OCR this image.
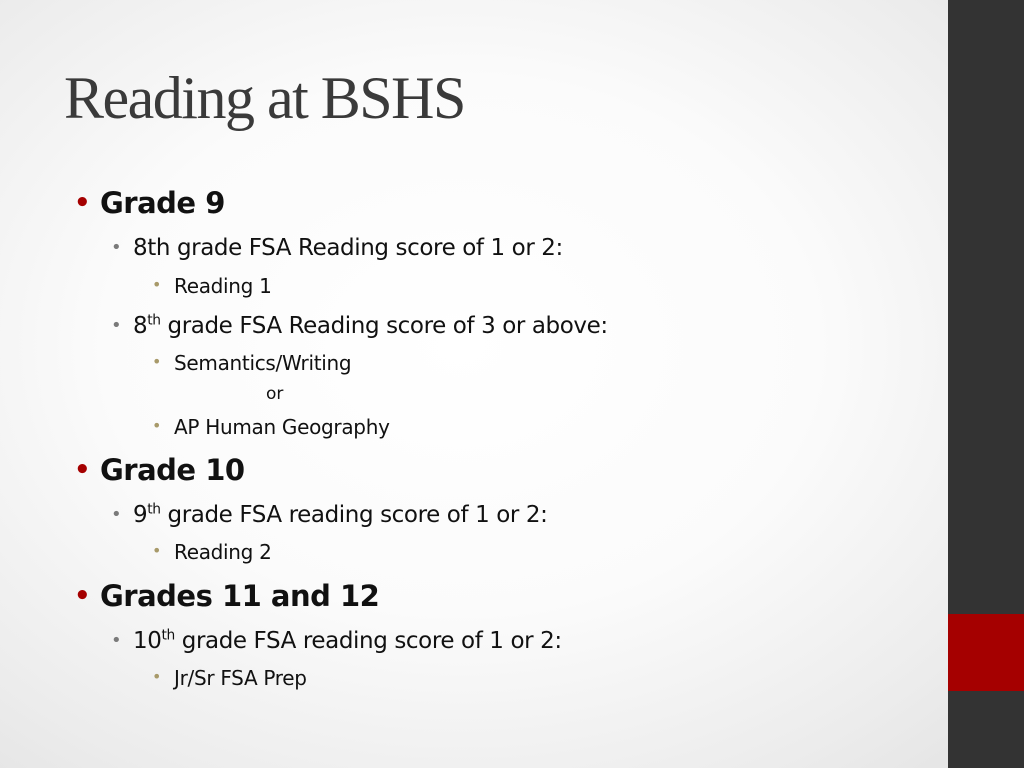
Reading at BSHS
• Grade 9
• 8th grade FSA Reading score of 1 or 2:
• Reading 1
• 8th grade FSA Reading score of 3 or above:
• Semantics/Writing
or
• AP Human Geography
• Grade 10
• 9th grade FSA reading score of 1 or 2:
• Reading 2
• Grades 11 and 12
• 10th grade FSA reading score of 1 or 2:
• Jr/Sr FSA Prep
